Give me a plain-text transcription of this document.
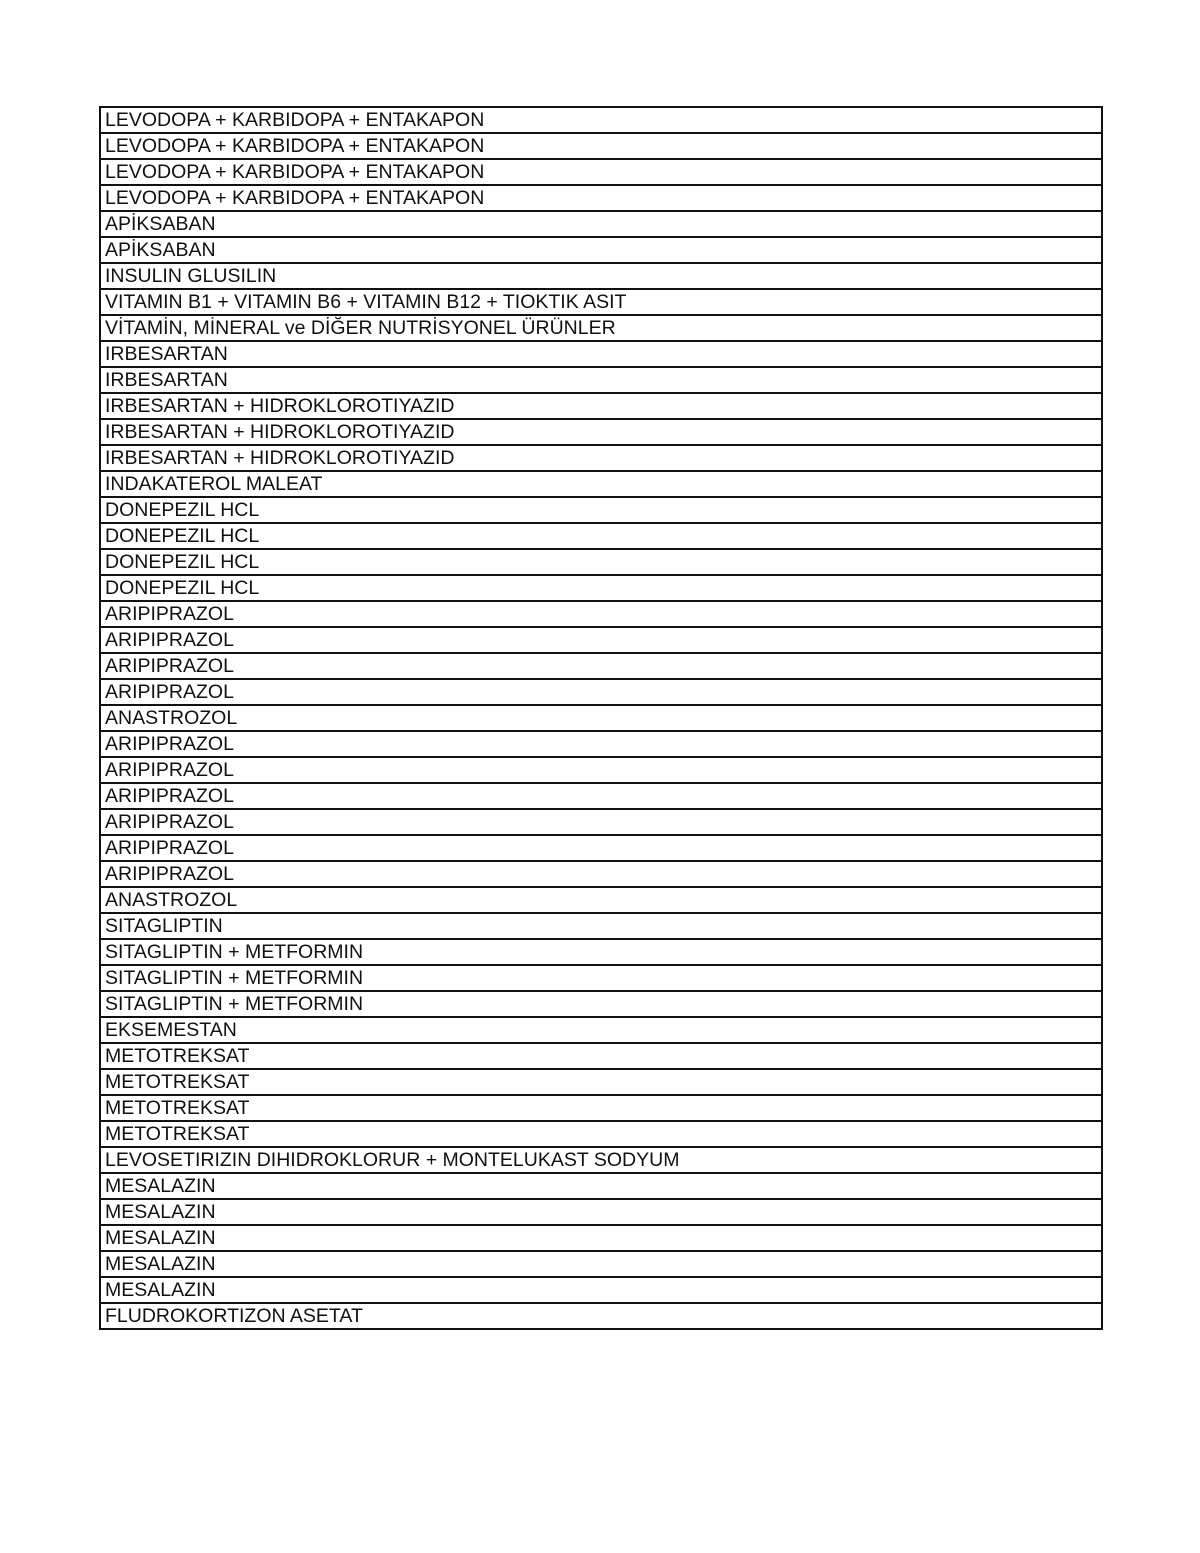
LEVODOPA + KARBIDOPA + ENTAKAPON
LEVODOPA + KARBIDOPA + ENTAKAPON
LEVODOPA + KARBIDOPA + ENTAKAPON
LEVODOPA + KARBIDOPA + ENTAKAPON
APİKSABAN
APİKSABAN
INSULIN GLUSILIN
VITAMIN B1 + VITAMIN B6 + VITAMIN B12 + TIOKTIK ASIT
VİTAMİN, MİNERAL ve DİĞER NUTRİSYONEL ÜRÜNLER
IRBESARTAN
IRBESARTAN
IRBESARTAN + HIDROKLOROTIYAZID
IRBESARTAN + HIDROKLOROTIYAZID
IRBESARTAN + HIDROKLOROTIYAZID
INDAKATEROL MALEAT
DONEPEZIL HCL
DONEPEZIL HCL
DONEPEZIL HCL
DONEPEZIL HCL
ARIPIPRAZOL
ARIPIPRAZOL
ARIPIPRAZOL
ARIPIPRAZOL
ANASTROZOL
ARIPIPRAZOL
ARIPIPRAZOL
ARIPIPRAZOL
ARIPIPRAZOL
ARIPIPRAZOL
ARIPIPRAZOL
ANASTROZOL
SITAGLIPTIN
SITAGLIPTIN + METFORMIN
SITAGLIPTIN + METFORMIN
SITAGLIPTIN + METFORMIN
EKSEMESTAN
METOTREKSAT
METOTREKSAT
METOTREKSAT
METOTREKSAT
LEVOSETIRIZIN DIHIDROKLORUR + MONTELUKAST SODYUM
MESALAZIN
MESALAZIN
MESALAZIN
MESALAZIN
MESALAZIN
FLUDROKORTIZON ASETAT
